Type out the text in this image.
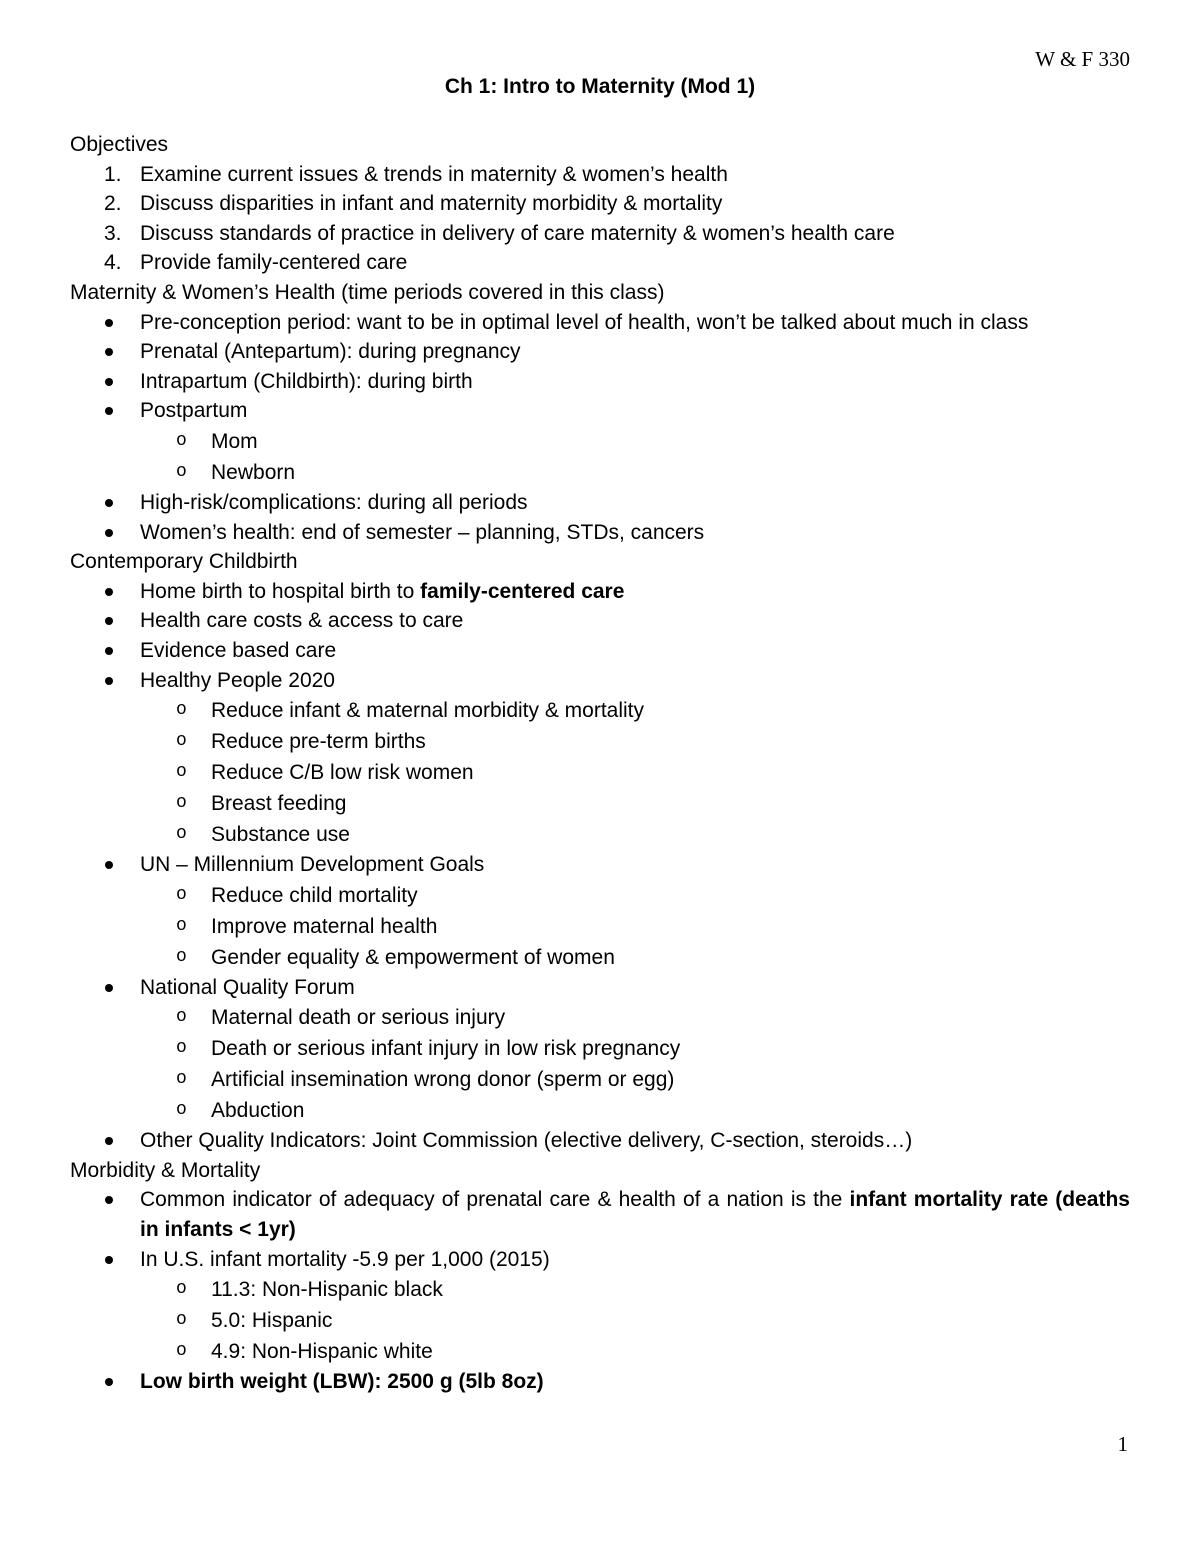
W & F 330
Ch 1: Intro to Maternity (Mod 1)
Objectives
1. Examine current issues & trends in maternity & women’s health
2. Discuss disparities in infant and maternity morbidity & mortality
3. Discuss standards of practice in delivery of care maternity & women’s health care
4. Provide family-centered care
Maternity & Women’s Health (time periods covered in this class)
Pre-conception period: want to be in optimal level of health, won’t be talked about much in class
Prenatal (Antepartum): during pregnancy
Intrapartum (Childbirth): during birth
Postpartum
o Mom
o Newborn
High-risk/complications: during all periods
Women’s health: end of semester – planning, STDs, cancers
Contemporary Childbirth
Home birth to hospital birth to family-centered care
Health care costs & access to care
Evidence based care
Healthy People 2020
o Reduce infant & maternal morbidity & mortality
o Reduce pre-term births
o Reduce C/B low risk women
o Breast feeding
o Substance use
UN – Millennium Development Goals
o Reduce child mortality
o Improve maternal health
o Gender equality & empowerment of women
National Quality Forum
o Maternal death or serious injury
o Death or serious infant injury in low risk pregnancy
o Artificial insemination wrong donor (sperm or egg)
o Abduction
Other Quality Indicators: Joint Commission (elective delivery, C-section, steroids…)
Morbidity & Mortality
Common indicator of adequacy of prenatal care & health of a nation is the infant mortality rate (deaths in infants < 1yr)
In U.S. infant mortality -5.9 per 1,000 (2015)
o 11.3: Non-Hispanic black
o 5.0: Hispanic
o 4.9: Non-Hispanic white
Low birth weight (LBW): 2500 g (5lb 8oz)
1
